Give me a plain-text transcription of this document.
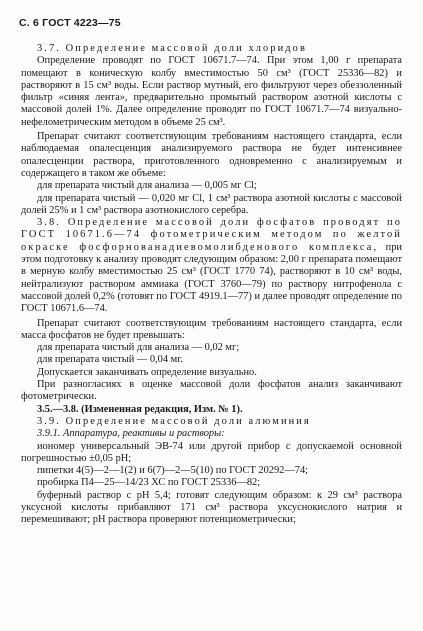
С. 6 ГОСТ 4223—75

3.7. Определение массовой доли хлоридов

Определение проводят по ГОСТ 10671.7—74. При этом 1,00 г препарата помещают в коническую колбу вместимостью 50 см³ (ГОСТ 25336—82) и растворяют в 15 см³ воды. Если раствор мутный, его фильтруют через обеззоленный фильтр «синяя лента», предварительно промытый раствором азотной кислоты с массовой долей 1%. Далее определение проводят по ГОСТ 10671.7—74 визуально-нефелометрическим методом в объеме 25 см³.

Препарат считают соответствующим требованиям настоящего стандарта, если наблюдаемая опалесценция анализируемого раствора не будет интенсивнее опалесценции раствора, приготовленного одновременно с анализируемым и содержащего в таком же объеме:

для препарата чистый для анализа — 0,005 мг Cl;

для препарата чистый — 0,020 мг Cl, 1 см³ раствора азотной кислоты с массовой долей 25% и 1 см³ раствора азотнокислого серебра.

3.8. Определение массовой доли фосфатов проводят по ГОСТ 10671.6—74 фотометрическим методом по желтой окраске фосфорнованадиевомолибденового комплекса, при этом подготовку к анализу проводят следующим образом: 2,00 г препарата помещают в мерную колбу вместимостью 25 см³ (ГОСТ 1770 74), растворяют в 10 см³ воды, нейтрализуют раствором аммиака (ГОСТ 3760—79) по раствору нитрофенола с массовой долей 0,2% (готовят по ГОСТ 4919.1—77) и далее проводят определение по ГОСТ 10671.6—74.

Препарат считают соответствующим требованиям настоящего стандарта, если масса фосфатов не будет превышать:

для препарата чистый для анализа — 0,02 мг;

для препарата чистый — 0,04 мг.

Допускается заканчивать определение визуально.

При разногласиях в оценке массовой доли фосфатов анализ заканчивают фотометрически.

3.5.—3.8. (Измененная редакция, Изм. № 1).

3.9. Определение массовой доли алюминия

3.9.1. Аппаратура, реактивы и растворы:

иономер универсальный ЭВ-74 или другой прибор с допускаемой основной погрешностью ±0,05 pH;

пипетки 4(5)—2—1(2) и 6(7)—2—5(10) по ГОСТ 20292—74;

пробирка П4—25—14/23 ХС по ГОСТ 25336—82;

буферный раствор с pH 5,4; готовят следующим образом: к 29 см³ раствора уксусной кислоты прибавляют 171 см³ раствора уксуснокислого натрия и перемешивают; pH раствора проверяют потенциометрически;
